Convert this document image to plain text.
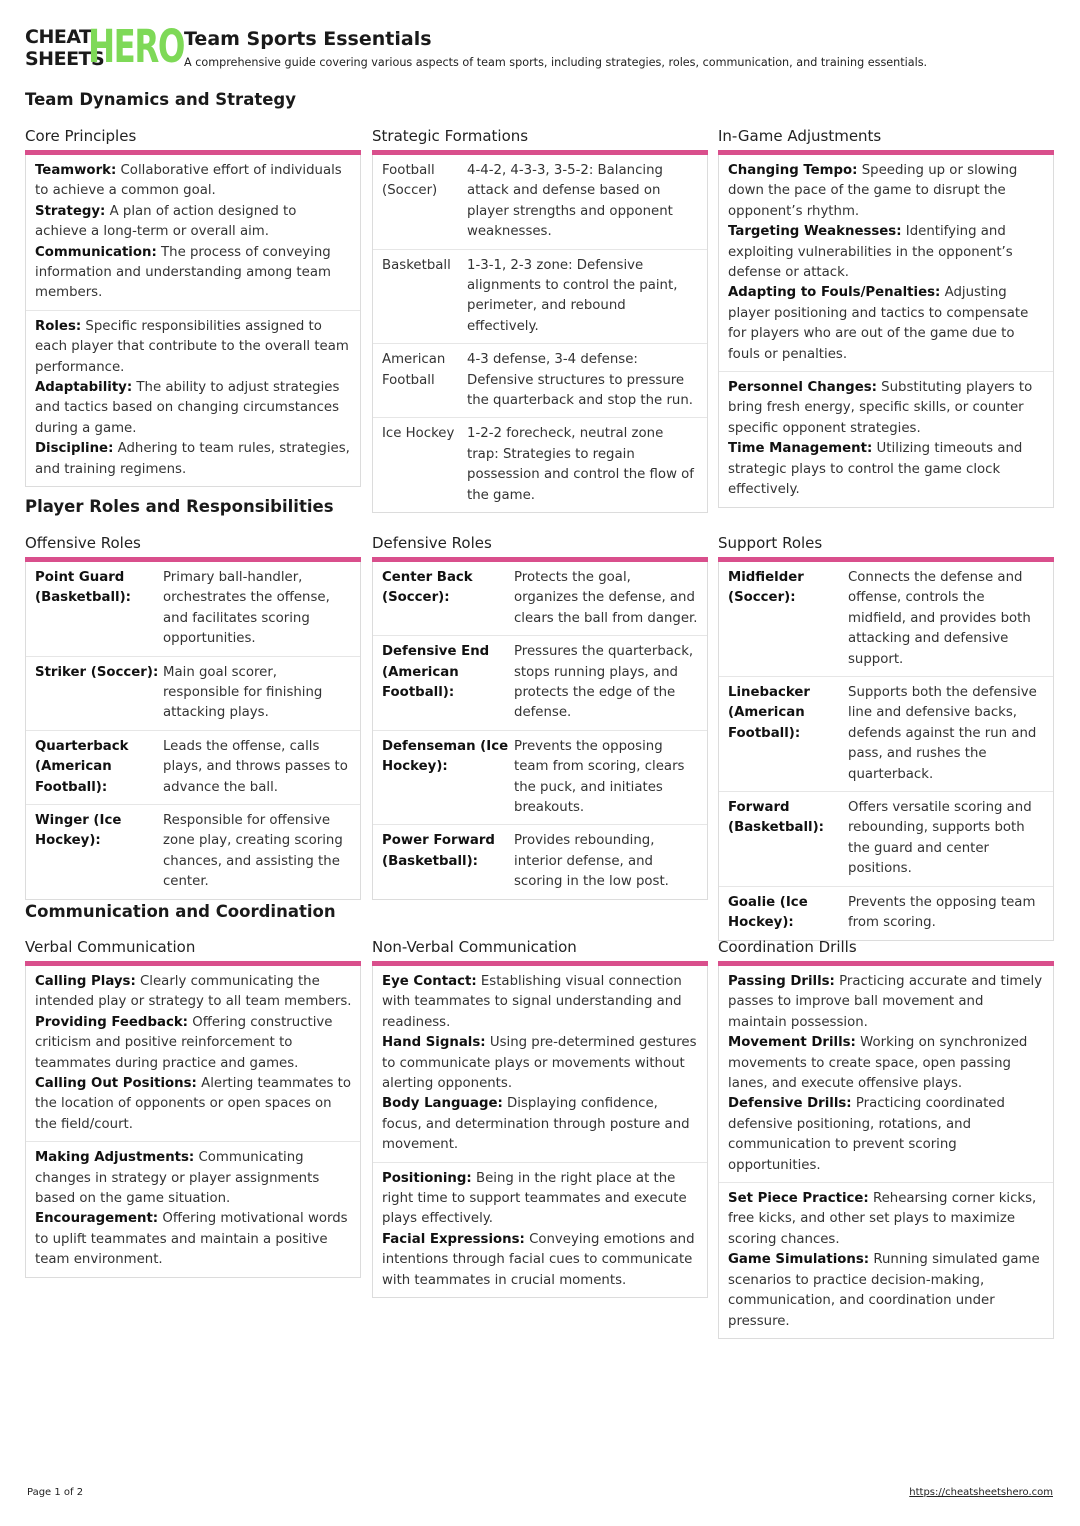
CHEAT
SHEETS
HERO Team Sports Essentials
A comprehensive guide covering various aspects of team sports, including strategies, roles, communication, and training essentials.
Team Dynamics and Strategy
Core Principles
Teamwork: Collaborative effort of individuals to achieve a common goal.
Strategy: A plan of action designed to achieve a long-term or overall aim.
Communication: The process of conveying information and understanding among team members.
Roles: Specific responsibilities assigned to each player that contribute to the overall team performance.
Adaptability: The ability to adjust strategies and tactics based on changing circumstances during a game.
Discipline: Adhering to team rules, strategies, and training regimens.
Strategic Formations
Football (Soccer)
4-4-2, 4-3-3, 3-5-2: Balancing attack and defense based on player strengths and opponent weaknesses.
Basketball	1-3-1, 2-3 zone: Defensive alignments to control the paint, perimeter, and rebound effectively.
American Football
4-3 defense, 3-4 defense: Defensive structures to pressure the quarterback and stop the run.
Ice Hockey 1-2-2 forecheck, neutral zone trap: Strategies to regain possession and control the flow of the game.
In-Game Adjustments
Changing Tempo: Speeding up or slowing down the pace of the game to disrupt the opponent’s rhythm.
Targeting Weaknesses: Identifying and exploiting vulnerabilities in the opponent’s defense or attack.
Adapting to Fouls/Penalties: Adjusting player positioning and tactics to compensate for players who are out of the game due to fouls or penalties.
Personnel Changes: Substituting players to bring fresh energy, specific skills, or counter specific opponent strategies.
Time Management: Utilizing timeouts and strategic plays to control the game clock effectively.
Player Roles and Responsibilities
Offensive Roles
Point Guard (Basketball):
Primary ball-handler, orchestrates the offense, and facilitates scoring opportunities.
Striker (Soccer): Main goal scorer, responsible for finishing attacking plays.
Quarterback (American Football):
Leads the offense, calls plays, and throws passes to advance the ball.
Winger (Ice Hockey):
Responsible for offensive zone play, creating scoring chances, and assisting the center.
Defensive Roles
Center Back (Soccer):
Protects the goal, organizes the defense, and clears the ball from danger.
Defensive End (American Football):
Pressures the quarterback, stops running plays, and protects the edge of the defense.
Defenseman (Ice Hockey):
Prevents the opposing team from scoring, clears the puck, and initiates breakouts.
Power Forward (Basketball):
Provides rebounding, interior defense, and scoring in the low post.
Support Roles
Midfielder (Soccer):
Connects the defense and offense, controls the midfield, and provides both attacking and defensive support.
Linebacker (American Football):
Supports both the defensive line and defensive backs, defends against the run and pass, and rushes the quarterback.
Forward (Basketball):
Offers versatile scoring and rebounding, supports both the guard and center positions.
Goalie (Ice Hockey):
Prevents the opposing team from scoring.
Communication and Coordination
Verbal Communication
Calling Plays: Clearly communicating the intended play or strategy to all team members.
Providing Feedback: Offering constructive criticism and positive reinforcement to teammates during practice and games.
Calling Out Positions: Alerting teammates to the location of opponents or open spaces on the field/court.
Making Adjustments: Communicating changes in strategy or player assignments based on the game situation.
Encouragement: Offering motivational words to uplift teammates and maintain a positive team environment.
Non-Verbal Communication
Eye Contact: Establishing visual connection with teammates to signal understanding and readiness.
Hand Signals: Using pre-determined gestures to communicate plays or movements without alerting opponents.
Body Language: Displaying confidence, focus, and determination through posture and movement.
Positioning: Being in the right place at the right time to support teammates and execute plays effectively.
Facial Expressions: Conveying emotions and intentions through facial cues to communicate with teammates in crucial moments.
Coordination Drills
Passing Drills: Practicing accurate and timely passes to improve ball movement and maintain possession.
Movement Drills: Working on synchronized movements to create space, open passing lanes, and execute offensive plays.
Defensive Drills: Practicing coordinated defensive positioning, rotations, and communication to prevent scoring opportunities.
Set Piece Practice: Rehearsing corner kicks, free kicks, and other set plays to maximize scoring chances.
Game Simulations: Running simulated game scenarios to practice decision-making, communication, and coordination under pressure.
Page 1 of 2	https://cheatsheetshero.com
